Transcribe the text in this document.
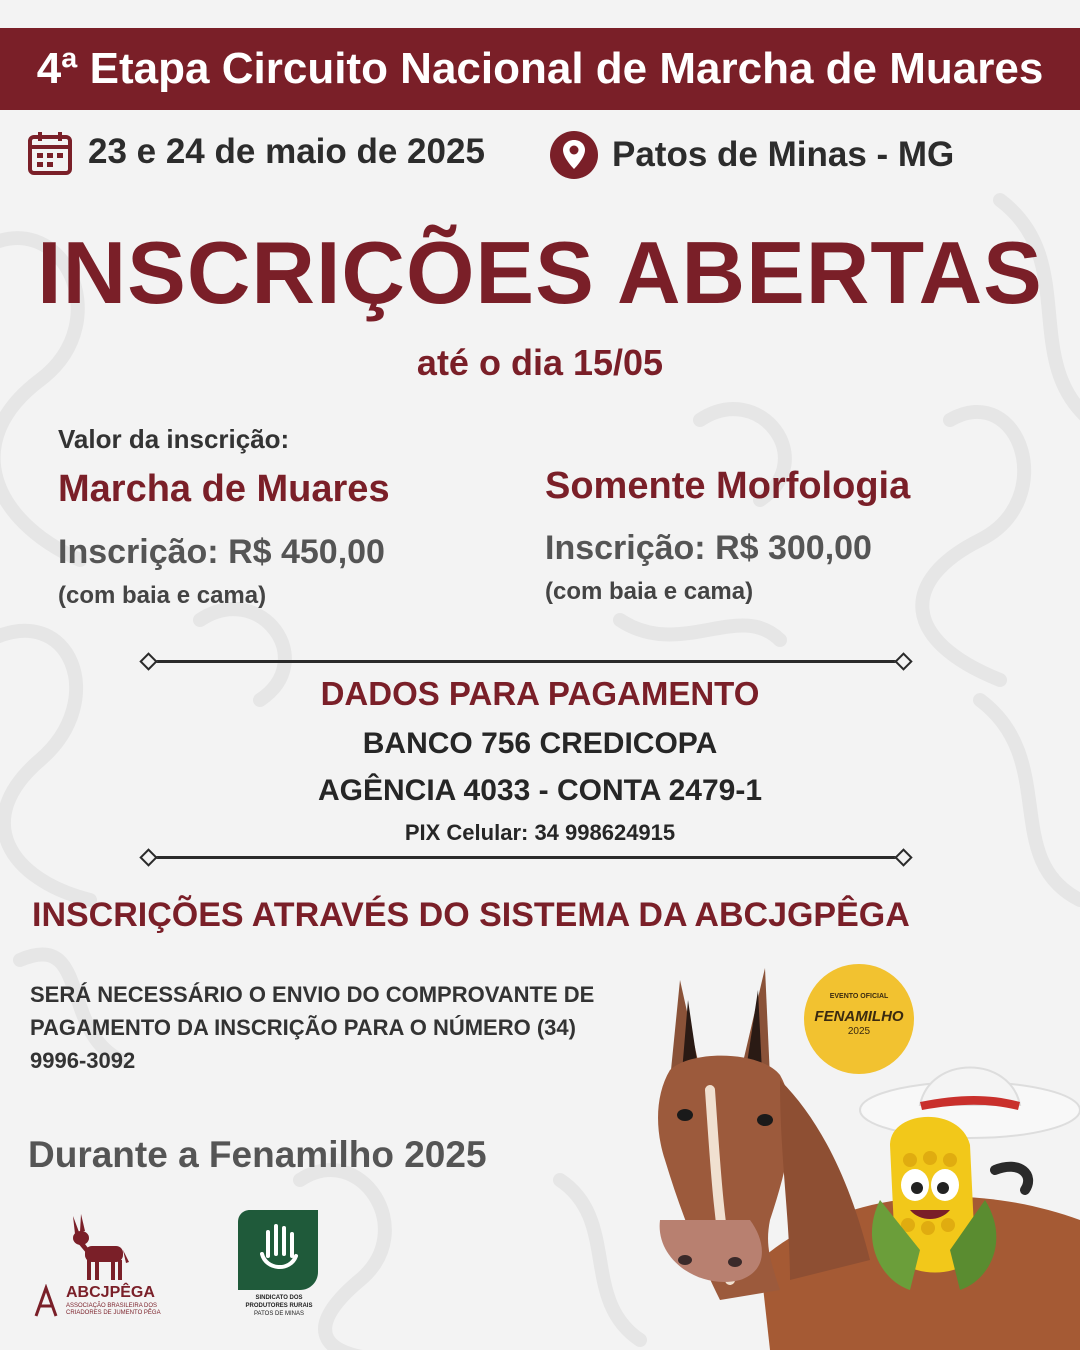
4ª Etapa Circuito Nacional de Marcha de Muares
23 e 24 de maio de 2025	Patos de Minas - MG
INSCRIÇÕES ABERTAS
até o dia 15/05
Valor da inscrição:
Marcha de Muares
Inscrição: R$ 450,00
(com baia e cama)
Somente Morfologia
Inscrição: R$ 300,00
(com baia e cama)
DADOS PARA PAGAMENTO
BANCO 756 CREDICOPA
AGÊNCIA 4033 - CONTA 2479-1
PIX Celular: 34 998624915
INSCRIÇÕES ATRAVÉS DO SISTEMA DA ABCJGPÊGA
SERÁ NECESSÁRIO O ENVIO DO COMPROVANTE DE PAGAMENTO DA INSCRIÇÃO PARA O NÚMERO (34) 9996-3092
Durante a Fenamilho 2025
ABCJPÊGA
ASSOCIAÇÃO BRASILEIRA DOS
CRIADORES DE JUMENTO PÊGA
SINDICATO DOS
PRODUTORES RURAIS
PATOS DE MINAS
EVENTO OFICIAL
FENAMILHO
2025
